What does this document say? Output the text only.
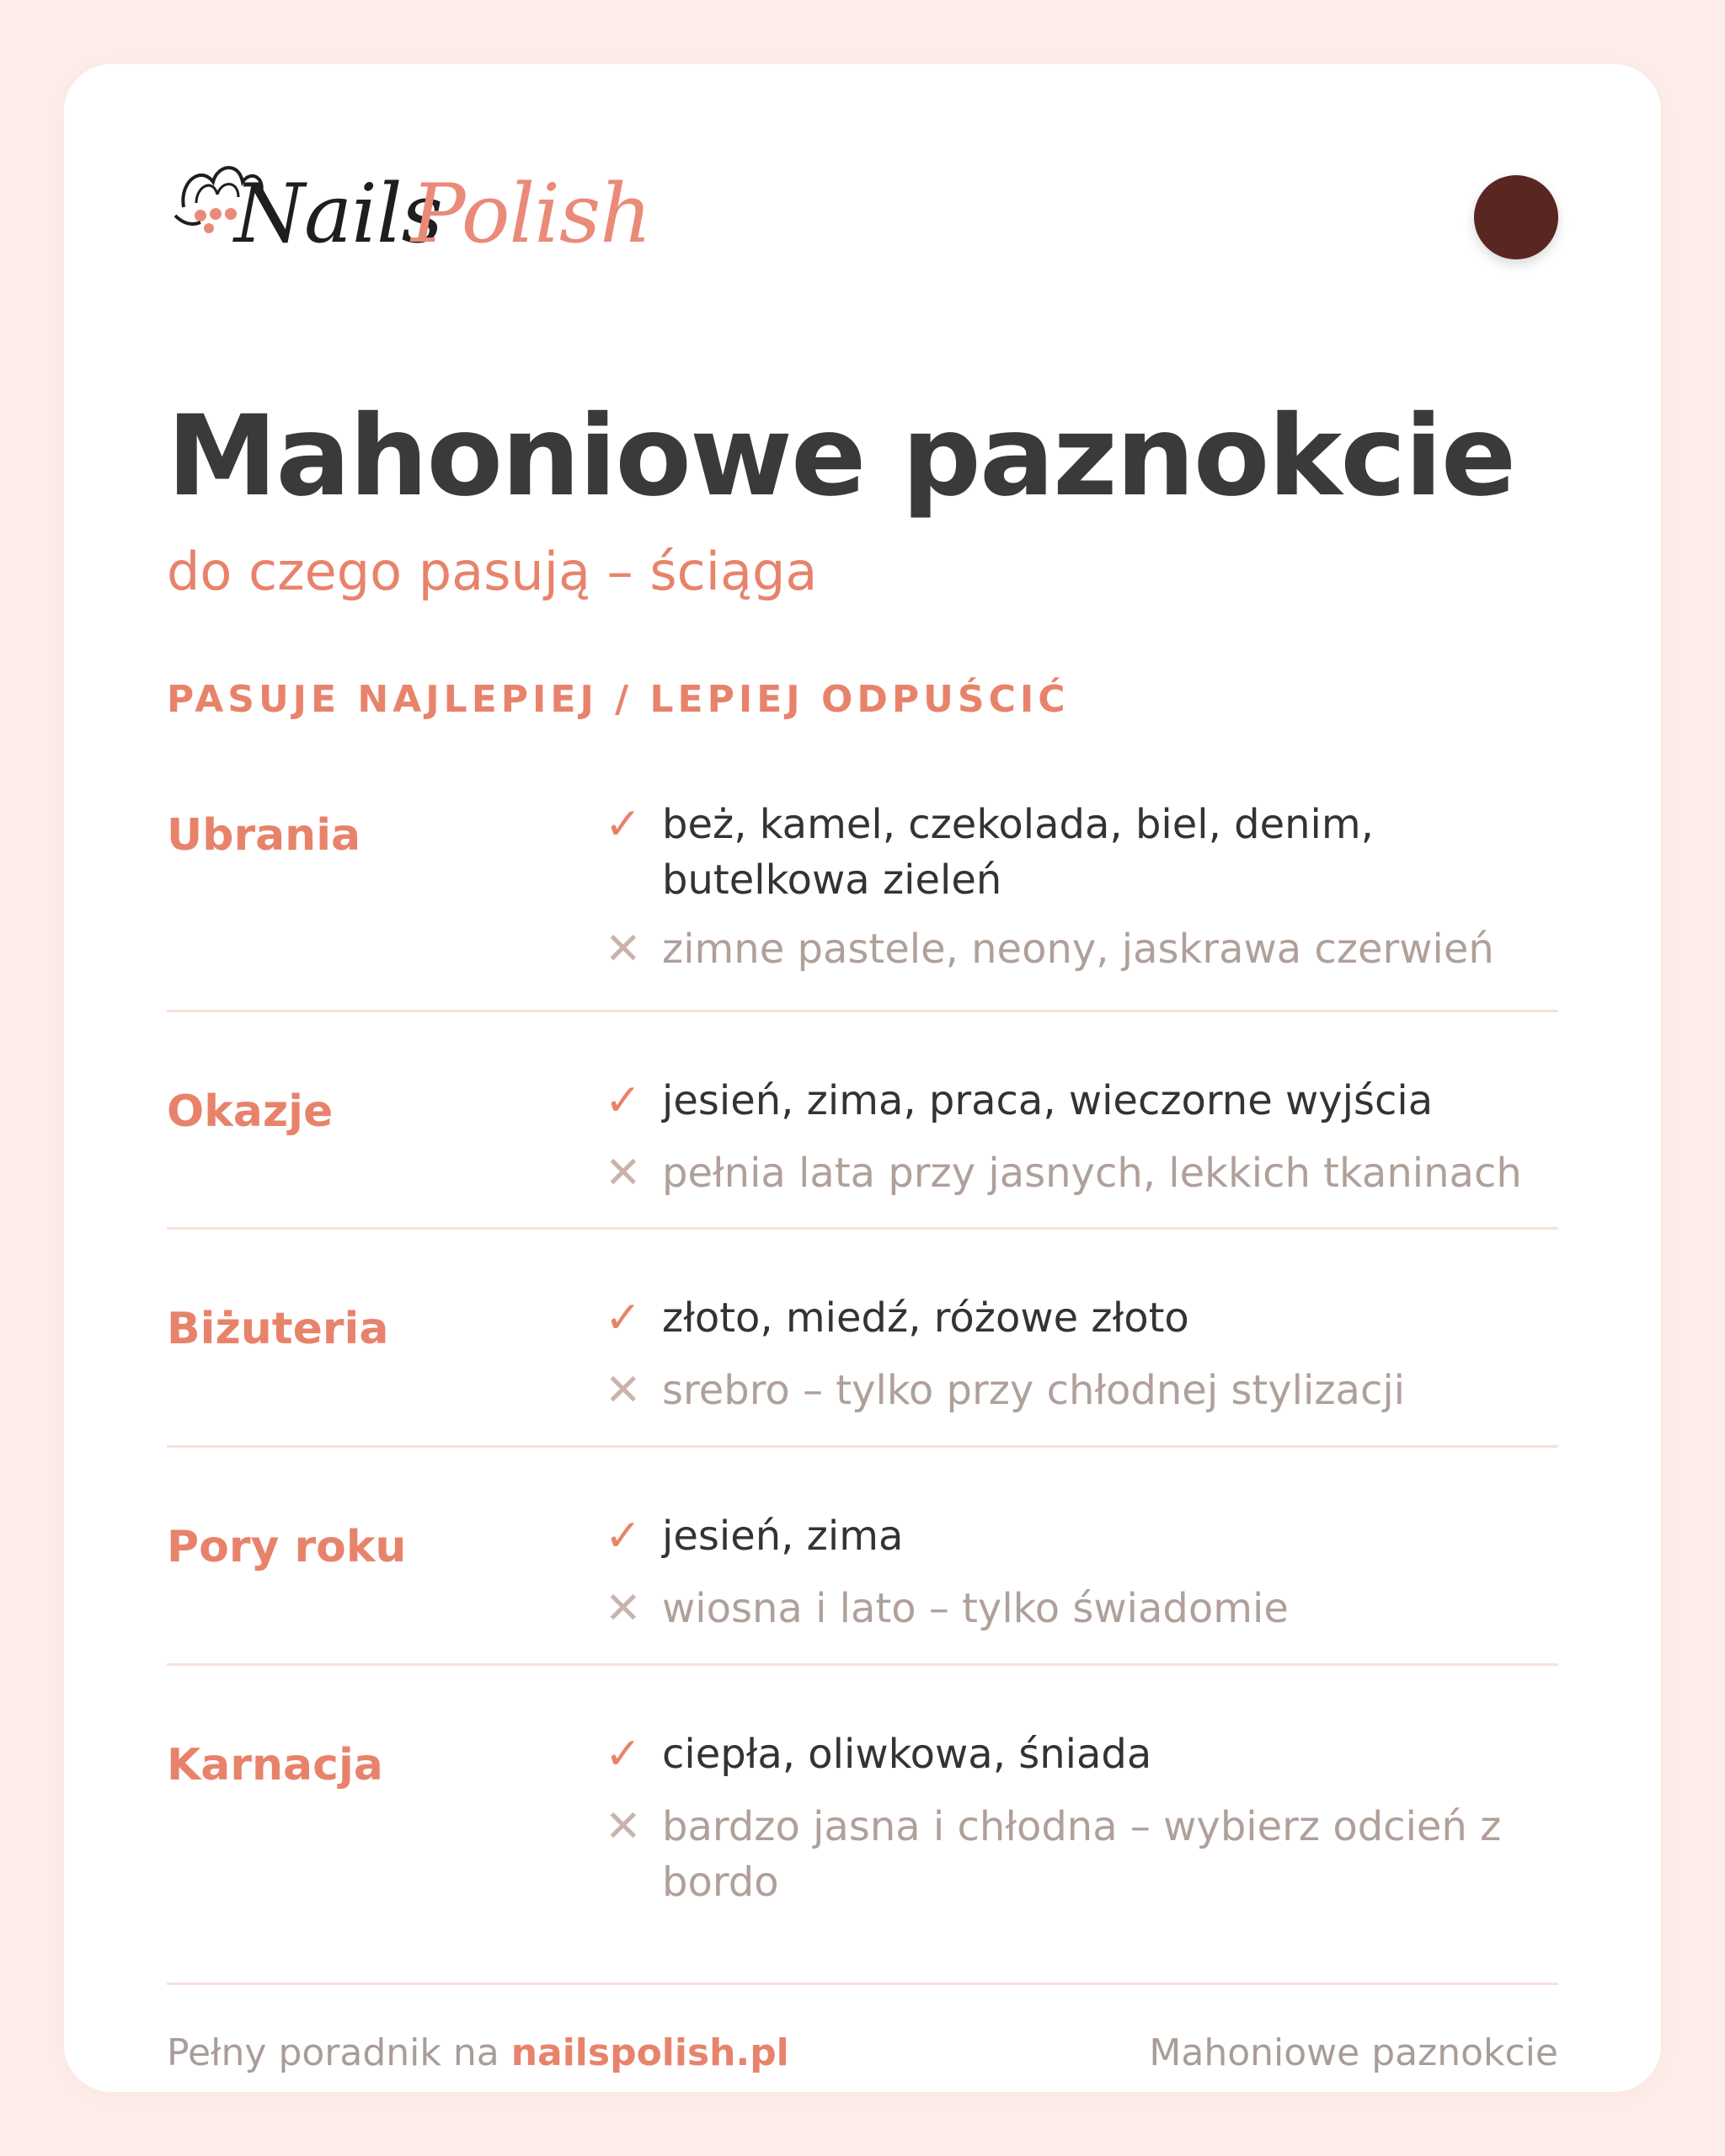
Nails
Polish
Mahoniowe paznokcie
do czego pasują – ściąga
PASUJE NAJLEPIEJ / LEPIEJ ODPUŚCIĆ
Ubrania	✓ beż, kamel, czekolada, biel, denim, butelkowa zieleń
✕ zimne pastele, neony, jaskrawa czerwień
Okazje	✓ jesień, zima, praca, wieczorne wyjścia
✕ pełnia lata przy jasnych, lekkich tkaninach
Biżuteria	✓ złoto, miedź, różowe złoto
✕ srebro – tylko przy chłodnej stylizacji
Pory roku	✓ jesień, zima
✕ wiosna i lato – tylko świadomie
Karnacja	✓ ciepła, oliwkowa, śniada
✕ bardzo jasna i chłodna – wybierz odcień z bordo
Pełny poradnik na nailspolish.pl	Mahoniowe paznokcie
